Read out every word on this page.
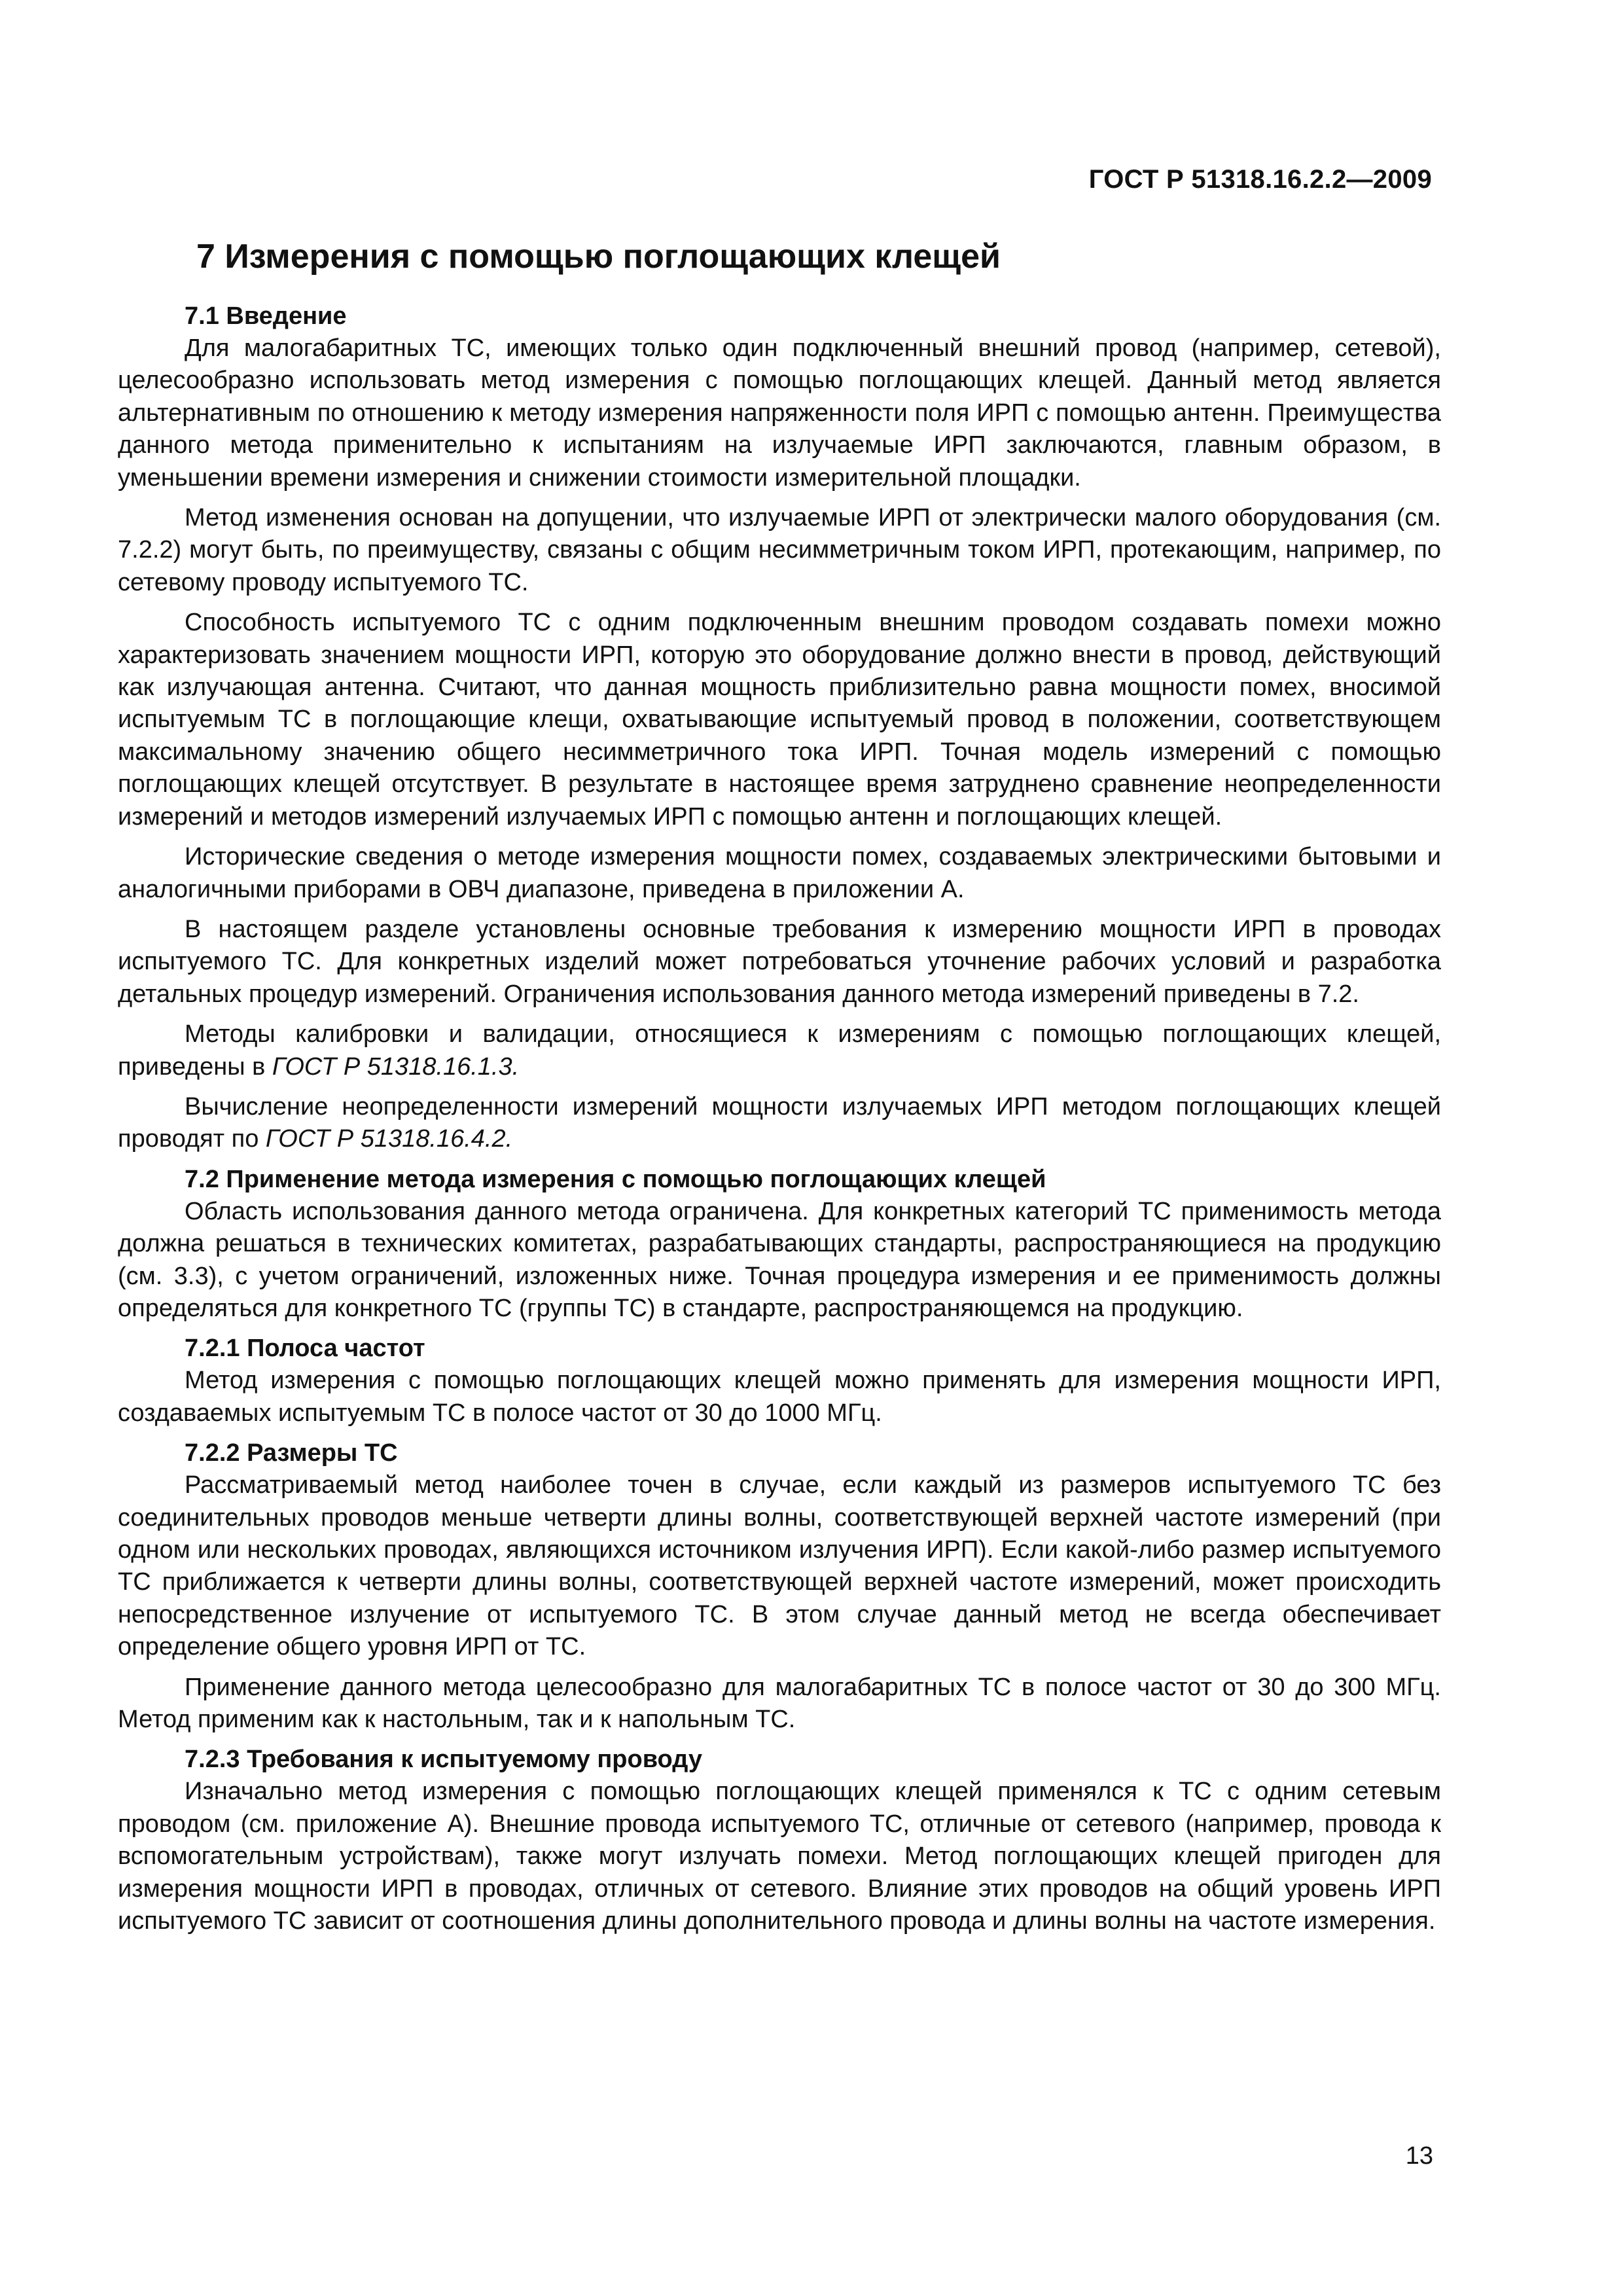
ГОСТ Р 51318.16.2.2—2009
7 Измерения с помощью поглощающих клещей
7.1 Введение

Для малогабаритных ТС, имеющих только один подключенный внешний провод (например, сетевой), целесообразно использовать метод измерения с помощью поглощающих клещей. Данный метод является альтернативным по отношению к методу измерения напряженности поля ИРП с помощью антенн. Преимущества данного метода применительно к испытаниям на излучаемые ИРП заключаются, главным образом, в уменьшении времени измерения и снижении стоимости измерительной площадки.

Метод изменения основан на допущении, что излучаемые ИРП от электрически малого оборудования (см. 7.2.2) могут быть, по преимуществу, связаны с общим несимметричным током ИРП, протекающим, например, по сетевому проводу испытуемого ТС.

Способность испытуемого ТС с одним подключенным внешним проводом создавать помехи можно характеризовать значением мощности ИРП, которую это оборудование должно внести в провод, действующий как излучающая антенна. Считают, что данная мощность приблизительно равна мощности помех, вносимой испытуемым ТС в поглощающие клещи, охватывающие испытуемый провод в положении, соответствующем максимальному значению общего несимметричного тока ИРП. Точная модель измерений с помощью поглощающих клещей отсутствует. В результате в настоящее время затруднено сравнение неопределенности измерений и методов измерений излучаемых ИРП с помощью антенн и поглощающих клещей.

Исторические сведения о методе измерения мощности помех, создаваемых электрическими бытовыми и аналогичными приборами в ОВЧ диапазоне, приведена в приложении А.

В настоящем разделе установлены основные требования к измерению мощности ИРП в проводах испытуемого ТС. Для конкретных изделий может потребоваться уточнение рабочих условий и разработка детальных процедур измерений. Ограничения использования данного метода измерений приведены в 7.2.

Методы калибровки и валидации, относящиеся к измерениям с помощью поглощающих клещей, приведены в ГОСТ Р 51318.16.1.3.

Вычисление неопределенности измерений мощности излучаемых ИРП методом поглощающих клещей проводят по ГОСТ Р 51318.16.4.2.

7.2 Применение метода измерения с помощью поглощающих клещей

Область использования данного метода ограничена. Для конкретных категорий ТС применимость метода должна решаться в технических комитетах, разрабатывающих стандарты, распространяющиеся на продукцию (см. 3.3), с учетом ограничений, изложенных ниже. Точная процедура измерения и ее применимость должны определяться для конкретного ТС (группы ТС) в стандарте, распространяющемся на продукцию.

7.2.1 Полоса частот

Метод измерения с помощью поглощающих клещей можно применять для измерения мощности ИРП, создаваемых испытуемым ТС в полосе частот от 30 до 1000 МГц.

7.2.2 Размеры ТС

Рассматриваемый метод наиболее точен в случае, если каждый из размеров испытуемого ТС без соединительных проводов меньше четверти длины волны, соответствующей верхней частоте измерений (при одном или нескольких проводах, являющихся источником излучения ИРП). Если какой-либо размер испытуемого ТС приближается к четверти длины волны, соответствующей верхней частоте измерений, может происходить непосредственное излучение от испытуемого ТС. В этом случае данный метод не всегда обеспечивает определение общего уровня ИРП от ТС.

Применение данного метода целесообразно для малогабаритных ТС в полосе частот от 30 до 300 МГц. Метод применим как к настольным, так и к напольным ТС.

7.2.3 Требования к испытуемому проводу

Изначально метод измерения с помощью поглощающих клещей применялся к ТС с одним сетевым проводом (см. приложение А). Внешние провода испытуемого ТС, отличные от сетевого (например, провода к вспомогательным устройствам), также могут излучать помехи. Метод поглощающих клещей пригоден для измерения мощности ИРП в проводах, отличных от сетевого. Влияние этих проводов на общий уровень ИРП испытуемого ТС зависит от соотношения длины дополнительного провода и длины волны на частоте измерения.

13
